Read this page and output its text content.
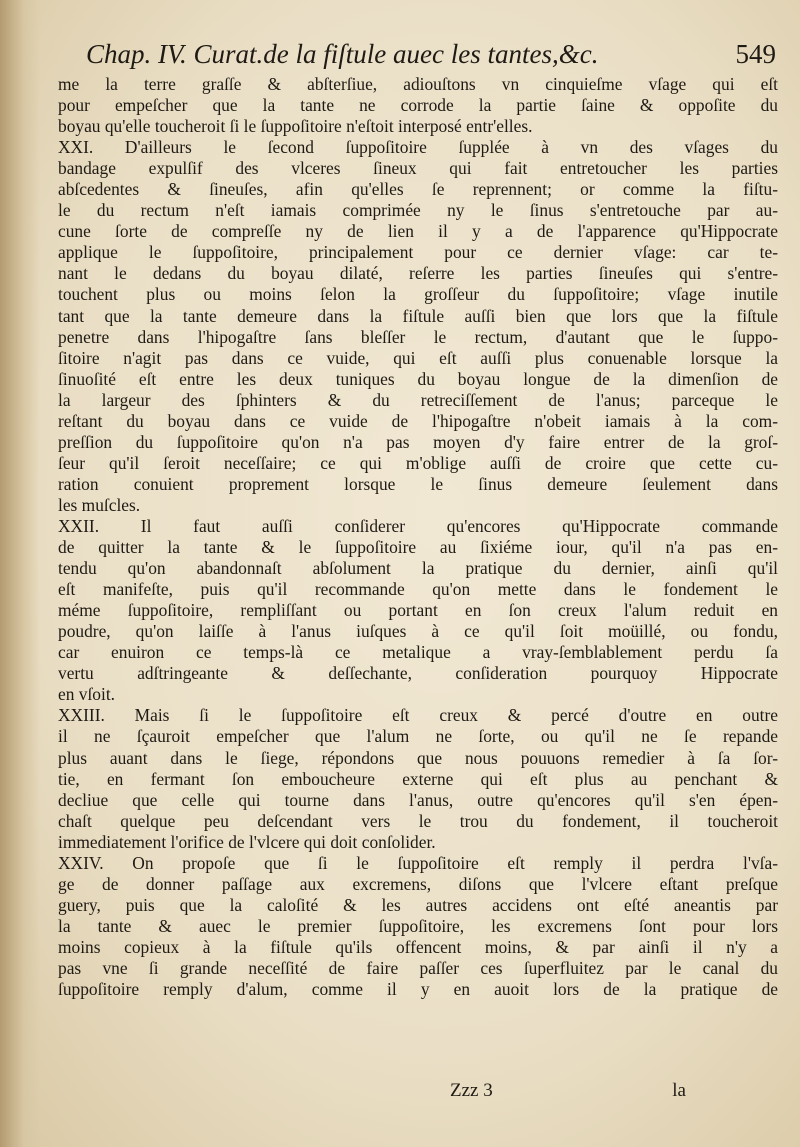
Chap. IV. Curat.de la fiſtule auec les tantes,&c.	549
me la terre graſſe & abſterſiue, adiouſtons vn cinquieſme vſage qui eſt
pour empeſcher que la tante ne corrode la partie ſaine & oppoſite du
boyau qu'elle toucheroit ſi le ſuppoſitoire n'eſtoit interposé entr'elles.
XXI. D'ailleurs le ſecond ſuppoſitoire ſupplée à vn des vſages du
bandage expulſif des vlceres ſineux qui fait entretoucher les parties
abſcedentes & ſineuſes, afin qu'elles ſe reprennent; or comme la fiſtu-
le du rectum n'eſt iamais comprimée ny le ſinus s'entretouche par au-
cune ſorte de compreſſe ny de lien il y a de l'apparence qu'Hippocrate
applique le ſuppoſitoire, principalement pour ce dernier vſage: car te-
nant le dedans du boyau dilaté, reſerre les parties ſineuſes qui s'entre-
touchent plus ou moins ſelon la groſſeur du ſuppoſitoire; vſage inutile
tant que la tante demeure dans la fiſtule auſſi bien que lors que la fiſtule
penetre dans l'hipogaſtre ſans bleſſer le rectum, d'autant que le ſuppo-
ſitoire n'agit pas dans ce vuide, qui eſt auſſi plus conuenable lorsque la
ſinuoſité eſt entre les deux tuniques du boyau longue de la dimenſion de
la largeur des ſphinters & du retreciſſement de l'anus; parceque le
reſtant du boyau dans ce vuide de l'hipogaſtre n'obeit iamais à la com-
preſſion du ſuppoſitoire qu'on n'a pas moyen d'y faire entrer de la groſ-
ſeur qu'il ſeroit neceſſaire; ce qui m'oblige auſſi de croire que cette cu-
ration conuient proprement lorsque le ſinus demeure ſeulement dans
les muſcles.
XXII. Il faut auſſi conſiderer qu'encores qu'Hippocrate commande
de quitter la tante & le ſuppoſitoire au ſixiéme iour, qu'il n'a pas en-
tendu qu'on abandonnaſt abſolument la pratique du dernier, ainſi qu'il
eſt manifeſte, puis qu'il recommande qu'on mette dans le fondement le
méme ſuppoſitoire, rempliſſant ou portant en ſon creux l'alum reduit en
poudre, qu'on laiſſe à l'anus iuſques à ce qu'il ſoit moüillé, ou fondu,
car enuiron ce temps-là ce metalique a vray-ſemblablement perdu ſa
vertu adſtringeante & deſſechante, conſideration pourquoy Hippocrate
en vſoit.
XXIII. Mais ſi le ſuppoſitoire eſt creux & percé d'outre en outre
il ne ſçauroit empeſcher que l'alum ne ſorte, ou qu'il ne ſe repande
plus auant dans le ſiege, répondons que nous pouuons remedier à ſa ſor-
tie, en fermant ſon emboucheure externe qui eſt plus au penchant &
decliue que celle qui tourne dans l'anus, outre qu'encores qu'il s'en épen-
chaſt quelque peu deſcendant vers le trou du fondement, il toucheroit
immediatement l'orifice de l'vlcere qui doit conſolider.
XXIV. On propoſe que ſi le ſuppoſitoire eſt remply il perdra l'vſa-
ge de donner paſſage aux excremens, diſons que l'vlcere eſtant preſque
guery, puis que la caloſité & les autres accidens ont eſté aneantis par
la tante & auec le premier ſuppoſitoire, les excremens ſont pour lors
moins copieux à la fiſtule qu'ils offencent moins, & par ainſi il n'y a
pas vne ſi grande neceſſité de faire paſſer ces ſuperfluitez par le canal du
ſuppoſitoire remply d'alum, comme il y en auoit lors de la pratique de
Zzz 3	la
